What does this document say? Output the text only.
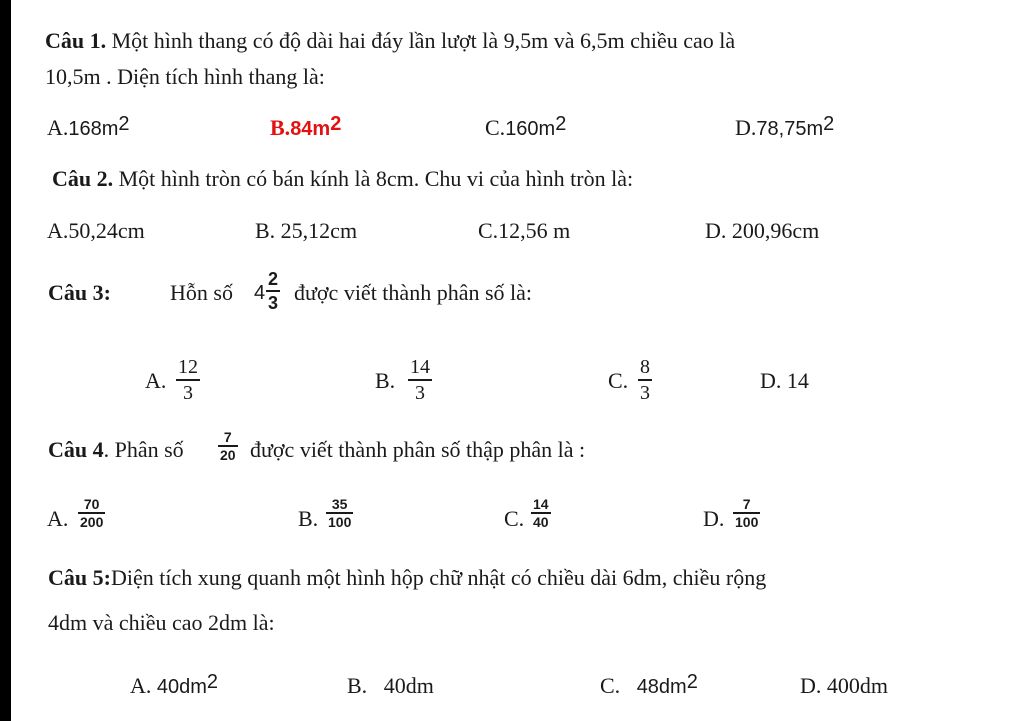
Câu 1. Một hình thang có độ dài hai đáy lần lượt là 9,5m và 6,5m chiều cao là
10,5m . Diện tích hình thang là:
$A.168m^2$	$B.84m^2$	$C.160m^2$	$D.78,75m^2$
Câu 2. Một hình tròn có bán kính là 8cm. Chu vi của hình tròn là:
A.50,24cm	B. 25,12cm	C.12,56 m	D. 200,96cm
Câu 3:	Hỗn số 4
2
3 được viết thành phân số là:
A.
12
3	B.
14
3	C.
8
3	D. 14
Câu 4. Phân số	7
20 được viết thành phân số thập phân là :
A.
70
200	B.
35
100	C.
14
40	D.
7
100
Câu 5:Diện tích xung quanh một hình hộp chữ nhật có chiều dài 6dm, chiều rộng
4dm và chiều cao 2dm là:
A. $40dm^2$	B. 40dm	C. $48dm^2$	D. 400dm
